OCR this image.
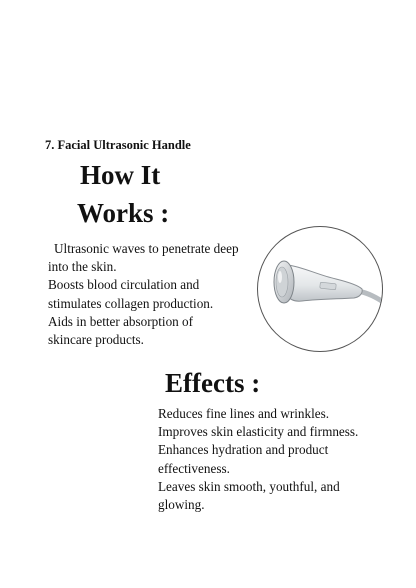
7. Facial Ultrasonic Handle
How It
Works :

Ultrasonic waves to penetrate deep

into the skin.

Boosts blood circulation and

stimulates collagen production.

Aids in better absorption of

skincare products.

Effects :

Reduces fine lines and wrinkles.

Improves skin elasticity and firmness.

Enhances hydration and product

effectiveness.

Leaves skin smooth, youthful, and

glowing.
